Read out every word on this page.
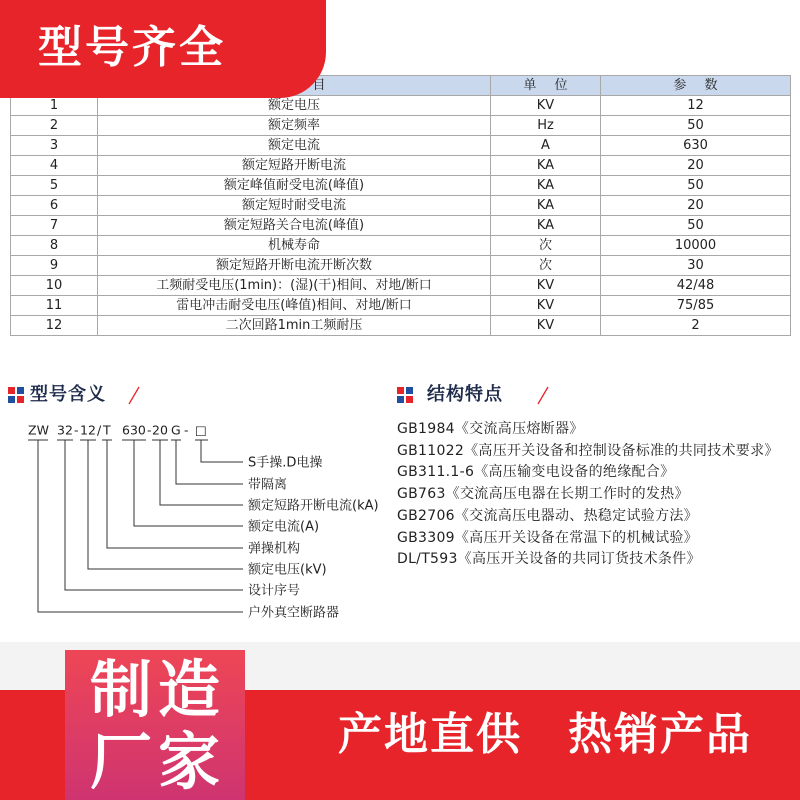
型号齐全
	目	单 位	参 数
1	额定电压	KV	12
2	额定频率	Hz	50
3	额定电流	A	630
4	额定短路开断电流	KA	20
5	额定峰值耐受电流(峰值)	KA	50
6	额定短时耐受电流	KA	20
7	额定短路关合电流(峰值)	KA	50
8	机械寿命	次	10000
9	额定短路开断电流开断次数	次	30
10	工频耐受电压(1min)：(湿)(干)相间、对地/断口	KV	42/48
11	雷电冲击耐受电压(峰值)相间、对地/断口	KV	75/85
12	二次回路1min工频耐压	KV	2
型号含义	结构特点
ZW 32 - 12 / T 630 - 20 G - □
S手操.D电操
带隔离
额定短路开断电流(kA)
额定电流(A)
弹操机构
额定电压(kV)
设计序号
户外真空断路器
GB1984《交流高压熔断器》
GB11022《高压开关设备和控制设备标准的共同技术要求》
GB311.1-6《高压输变电设备的绝缘配合》
GB763《交流高压电器在长期工作时的发热》
GB2706《交流高压电器动、热稳定试验方法》
GB3309《高压开关设备在常温下的机械试验》
DL/T593《高压开关设备的共同订货技术条件》
制造
厂家	产地直供 热销产品
